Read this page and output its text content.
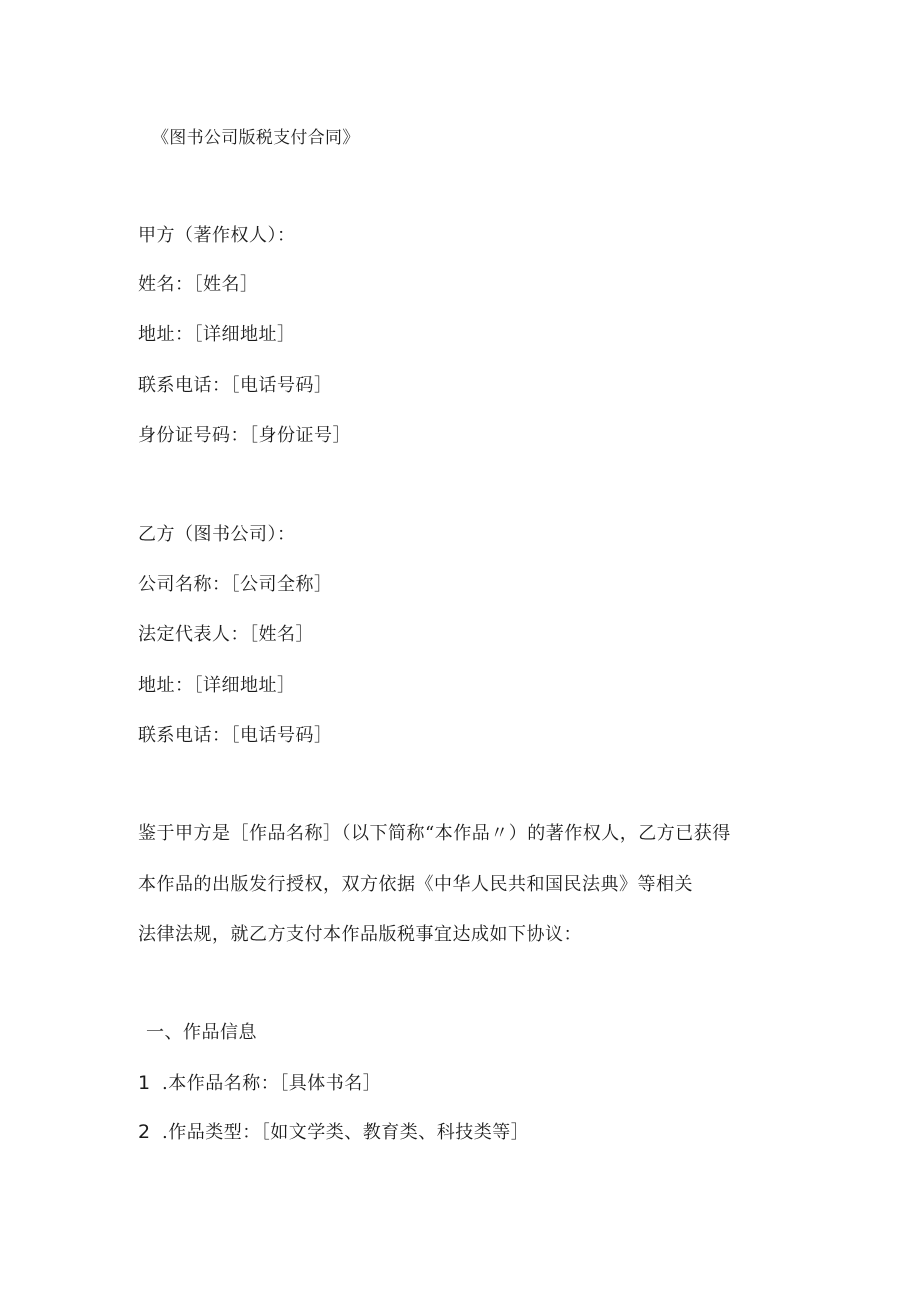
《图书公司版税支付合同》
甲方（著作权人）：
姓名：［姓名］
地址：［详细地址］
联系电话：［电话号码］
身份证号码：［身份证号］
乙方（图书公司）：
公司名称：［公司全称］
法定代表人：［姓名］
地址：［详细地址］
联系电话：［电话号码］
鉴于甲方是［作品名称］（以下简称“本作品〃）的著作权人，乙方已获得
本作品的出版发行授权，双方依据《中华人民共和国民法典》等相关
法律法规，就乙方支付本作品版税事宜达成如下协议：
一、作品信息
1 .本作品名称：［具体书名］
2 .作品类型：［如文学类、教育类、科技类等］
